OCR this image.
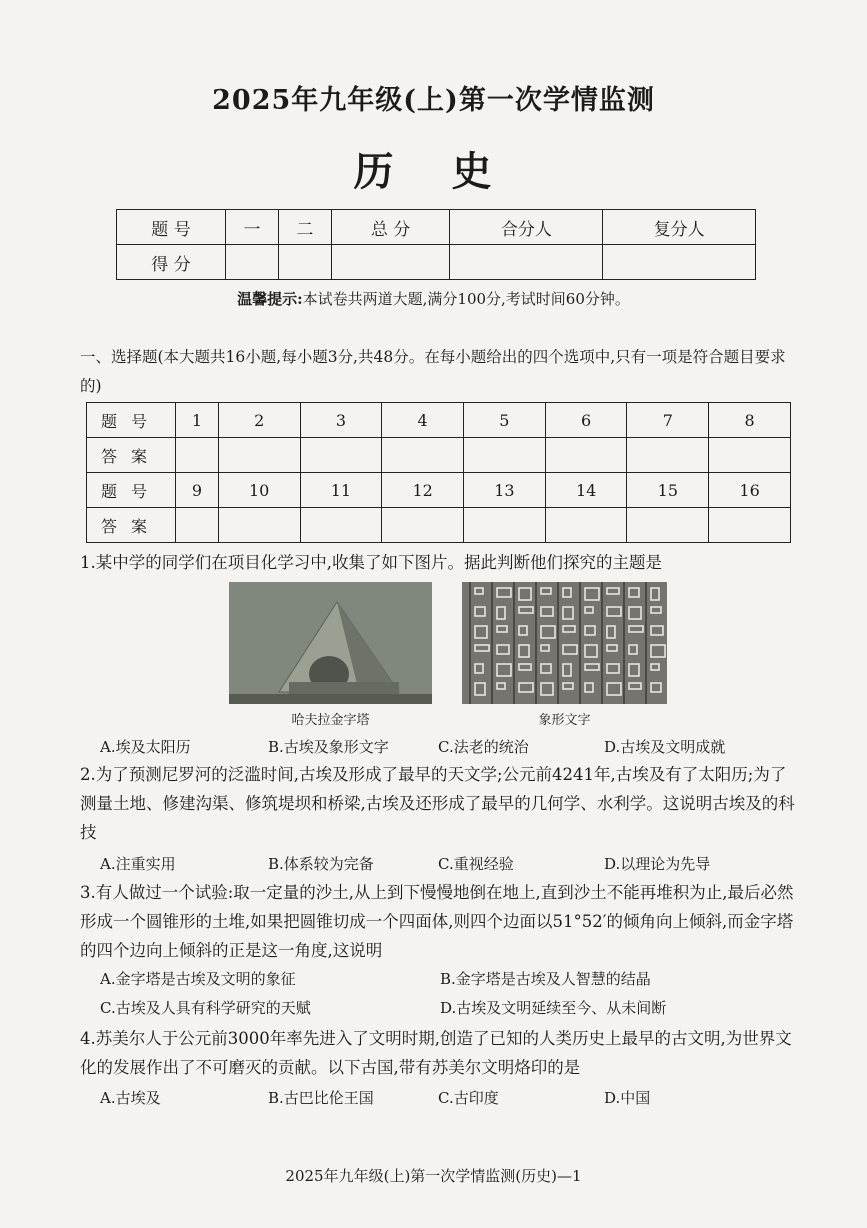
2025年九年级(上)第一次学情监测
历 史
题 号	一	二	总 分	合分人	复分人
得 分					
温馨提示:本试卷共两道大题,满分100分,考试时间60分钟。
一、选择题(本大题共16小题,每小题3分,共48分。在每小题给出的四个选项中,只有一项是符合题目要求的)
题号	1	2	3	4	5	6	7	8
答案								
题号	9	10	11	12	13	14	15	16
答案								
1.某中学的同学们在项目化学习中,收集了如下图片。据此判断他们探究的主题是
哈夫拉金字塔	象形文字
A.埃及太阳历	B.古埃及象形文字	C.法老的统治	D.古埃及文明成就
2.为了预测尼罗河的泛滥时间,古埃及形成了最早的天文学;公元前4241年,古埃及有了太阳历;为了测量土地、修建沟渠、修筑堤坝和桥梁,古埃及还形成了最早的几何学、水利学。这说明古埃及的科技
A.注重实用	B.体系较为完备	C.重视经验	D.以理论为先导
3.有人做过一个试验:取一定量的沙土,从上到下慢慢地倒在地上,直到沙土不能再堆积为止,最后必然形成一个圆锥形的土堆,如果把圆锥切成一个四面体,则四个边面以51°52′的倾角向上倾斜,而金字塔的四个边向上倾斜的正是这一角度,这说明
A.金字塔是古埃及文明的象征	B.金字塔是古埃及人智慧的结晶
C.古埃及人具有科学研究的天赋	D.古埃及文明延续至今、从未间断
4.苏美尔人于公元前3000年率先进入了文明时期,创造了已知的人类历史上最早的古文明,为世界文化的发展作出了不可磨灭的贡献。以下古国,带有苏美尔文明烙印的是
A.古埃及	B.古巴比伦王国	C.古印度	D.中国
2025年九年级(上)第一次学情监测(历史)—1
